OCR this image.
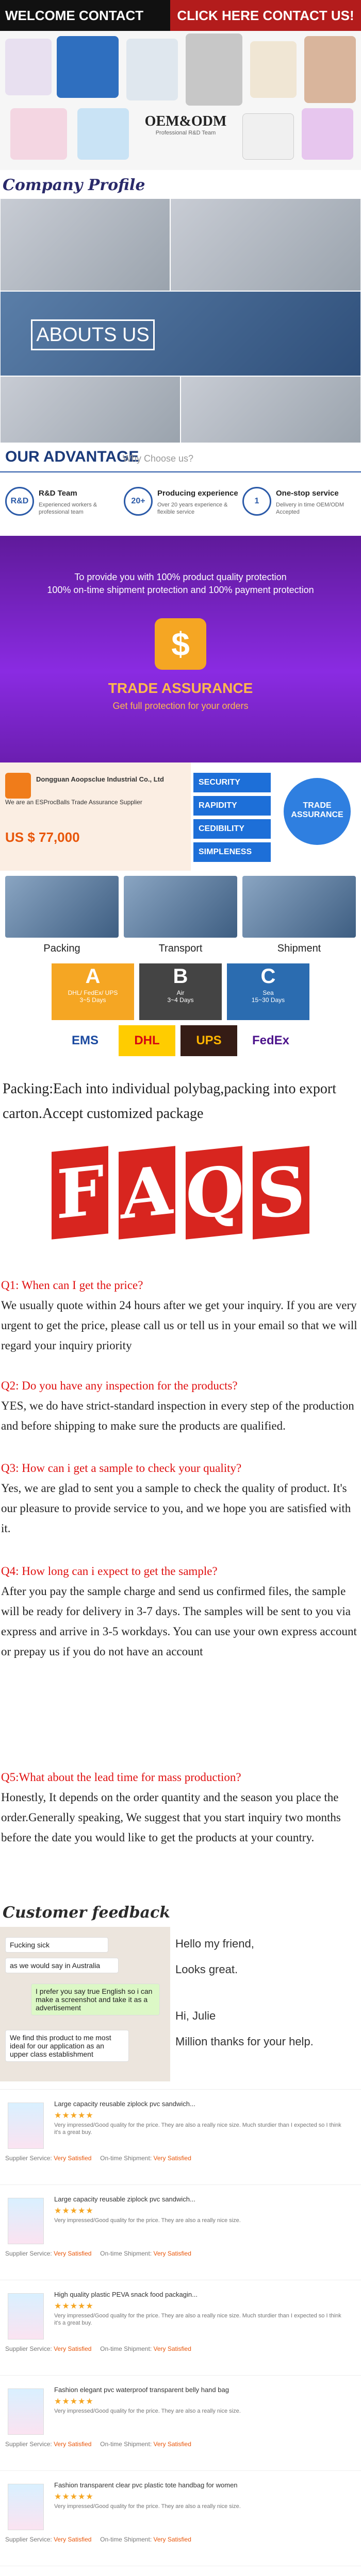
WELCOME CONTACT	CLICK HERE CONTACT US!
OEM&ODM
Professional R&D Team
Company Profile
ABOUTS US
OUR ADVANTAGE
Why Choose us?
R&D
R&D Team
Experienced workers & professional team
20+
Producing experience
Over 20 years experience & flexible service
1
One-stop service
Delivery in time OEM/ODM Accepted
To provide you with 100% product quality protection
100% on-time shipment protection and 100% payment protection
$
TRADE ASSURANCE
Get full protection for your orders
Dongguan Aoopsclue Industrial Co., Ltd
We are an ESProcBalls Trade Assurance Supplier
US $ 77,000
SECURITY
RAPIDITY
CEDIBILITY
SIMPLENESS
TRADE ASSURANCE
Packing	Transport	Shipment
A
DHL/ FedEx/ UPS
3~5 Days
B
Air
3~4 Days
C
Sea
15~30 Days
EMS	DHL	UPS	FedEx
Packing:Each into individual polybag,packing into export carton.Accept customized package
F A Q S
Q1: When can I get the price?
We usually quote within 24 hours after we get your inquiry. If you are very urgent to get the price, please call us or tell us in your email so that we will regard your inquiry priority
Q2: Do you have any inspection for the products?
YES, we do have strict-standard inspection in every step of the production and before shipping to make sure the products are qualified.
Q3: How can i get a sample to check your quality?
Yes, we are glad to sent you a sample to check the quality of product. It's our pleasure to provide service to you, and we hope you are satisfied with it.
Q4: How long can i expect to get the sample?
After you pay the sample charge and send us confirmed files, the sample will be ready for delivery in 3-7 days. The samples will be sent to you via express and arrive in 3-5 workdays. You can use your own express account or prepay us if you do not have an account
Q5:What about the lead time for mass production?
Honestly, It depends on the order quantity and the season you place the order.Generally speaking, We suggest that you start inquiry two months before the date you would like to get the products at your country.
Customer feedback
Fucking sick
as we would say in Australia
I prefer you say true English so i can make a screenshot and take it as a advertisement
We find this product to me most ideal for our application as an upper class establishment
Hello my friend,
Looks great.
Hi, Julie
Million thanks for your help.
Large capacity reusable ziplock pvc sandwich...
★★★★★
Very impressed/Good quality for the price. They are also a really nice size. Much sturdier than I expected so I think it's a great buy.
Supplier Service: Very Satisfied On-time Shipment: Very Satisfied
Large capacity reusable ziplock pvc sandwich...
★★★★★
Very impressed/Good quality for the price. They are also a really nice size.
Supplier Service: Very Satisfied On-time Shipment: Very Satisfied
High quality plastic PEVA snack food packagin...
★★★★★
Very impressed/Good quality for the price. They are also a really nice size. Much sturdier than I expected so I think it's a great buy.
Supplier Service: Very Satisfied On-time Shipment: Very Satisfied
Fashion elegant pvc waterproof transparent belly hand bag
★★★★★
Very impressed/Good quality for the price. They are also a really nice size.
Supplier Service: Very Satisfied On-time Shipment: Very Satisfied
Fashion transparent clear pvc plastic tote handbag for women
★★★★★
Very impressed/Good quality for the price. They are also a really nice size.
Supplier Service: Very Satisfied On-time Shipment: Very Satisfied
